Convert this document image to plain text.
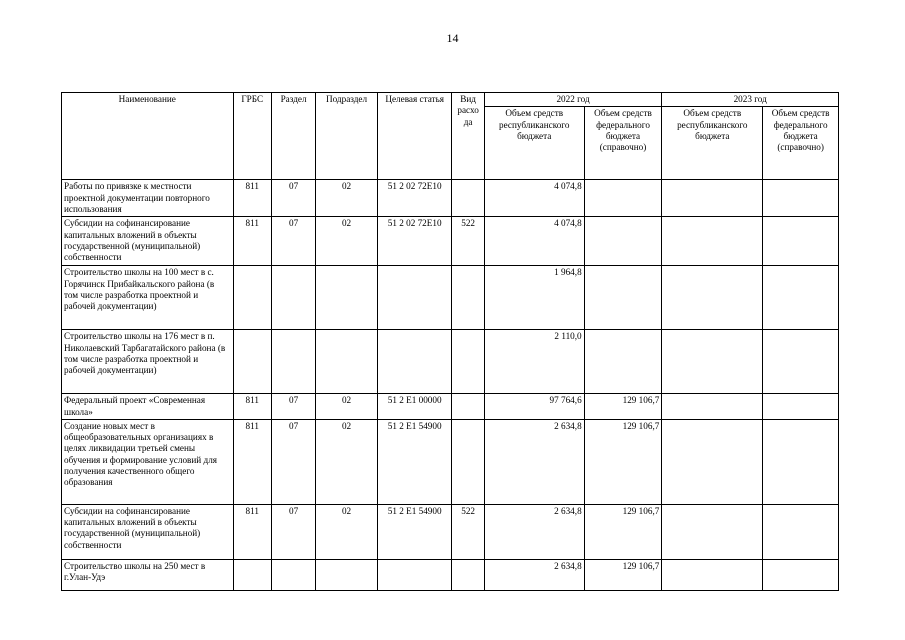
14
Наименование	ГРБС	Раздел	Подраздел	Целевая статья	Вид расхо да	2022 год		2023 год	
						Объем средств республиканского бюджета	Объем средств федерального бюджета (справочно)	Объем средств республиканского бюджета	Объем средств федерального бюджета (справочно)
Работы по привязке к местности проектной документации повторного использования	811	07	02	51 2 02 72Е10		4 074,8			
Субсидии на софинансирование капитальных вложений в объекты государственной (муниципальной) собственности	811	07	02	51 2 02 72Е10	522	4 074,8			
Строительство школы на 100 мест в с. Горячинск Прибайкальского района (в том числе разработка проектной и рабочей документации)						1 964,8			
Строительство школы на 176 мест в п. Николаевский Тарбагатайского района (в том числе разработка проектной и рабочей документации)						2 110,0			
Федеральный проект «Современная школа»	811	07	02	51 2 Е1 00000		97 764,6	129 106,7		
Создание новых мест в общеобразовательных организациях в целях ликвидации третьей смены обучения и формирование условий для получения качественного общего образования	811	07	02	51 2 Е1 54900		2 634,8	129 106,7		
Субсидии на софинансирование капитальных вложений в объекты государственной (муниципальной) собственности	811	07	02	51 2 Е1 54900	522	2 634,8	129 106,7		
Строительство школы на 250 мест в г.Улан-Удэ						2 634,8	129 106,7		
